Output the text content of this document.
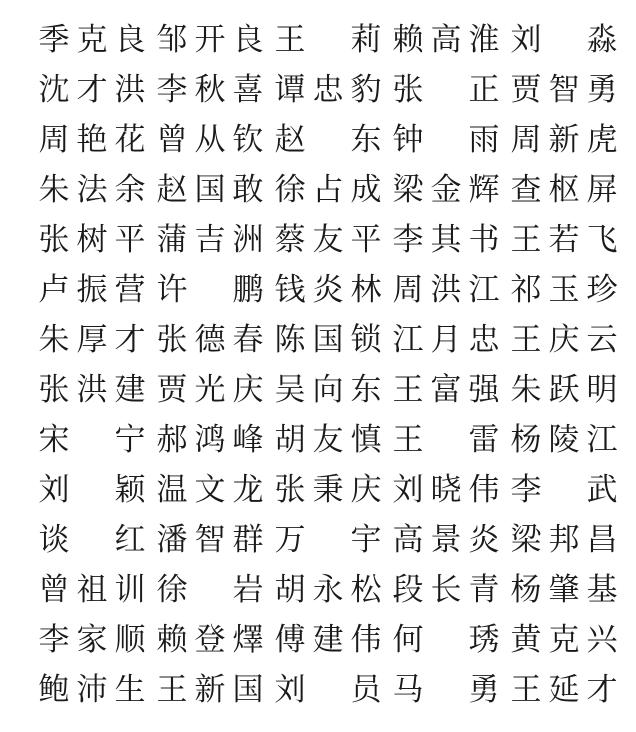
季 克 良 邹 开 良 王 莉 赖 高 淮 刘 淼
沈 才 洪 李 秋 喜 谭 忠 豹 张 正 贾 智 勇
周 艳 花 曾 从 钦 赵 东 钟 雨 周 新 虎
朱 法 余 赵 国 敢 徐 占 成 梁 金 辉 查 枢 屏
张 树 平 蒲 吉 洲 蔡 友 平 李 其 书 王 若 飞
卢 振 营 许 鹏 钱 炎 林 周 洪 江 祁 玉 珍
朱 厚 才 张 德 春 陈 国 锁 江 月 忠 王 庆 云
张 洪 建 贾 光 庆 吴 向 东 王 富 强 朱 跃 明
宋 宁 郝 鸿 峰 胡 友 慎 王 雷 杨 陵 江
刘 颖 温 文 龙 张 秉 庆 刘 晓 伟 李 武
谈 红 潘 智 群 万 宇 高 景 炎 梁 邦 昌
曾 祖 训 徐 岩 胡 永 松 段 长 青 杨 肇 基
李 家 顺 赖 登 燡 傅 建 伟 何 琇 黄 克 兴
鲍 沛 生 王 新 国 刘 员 马 勇 王 延 才
